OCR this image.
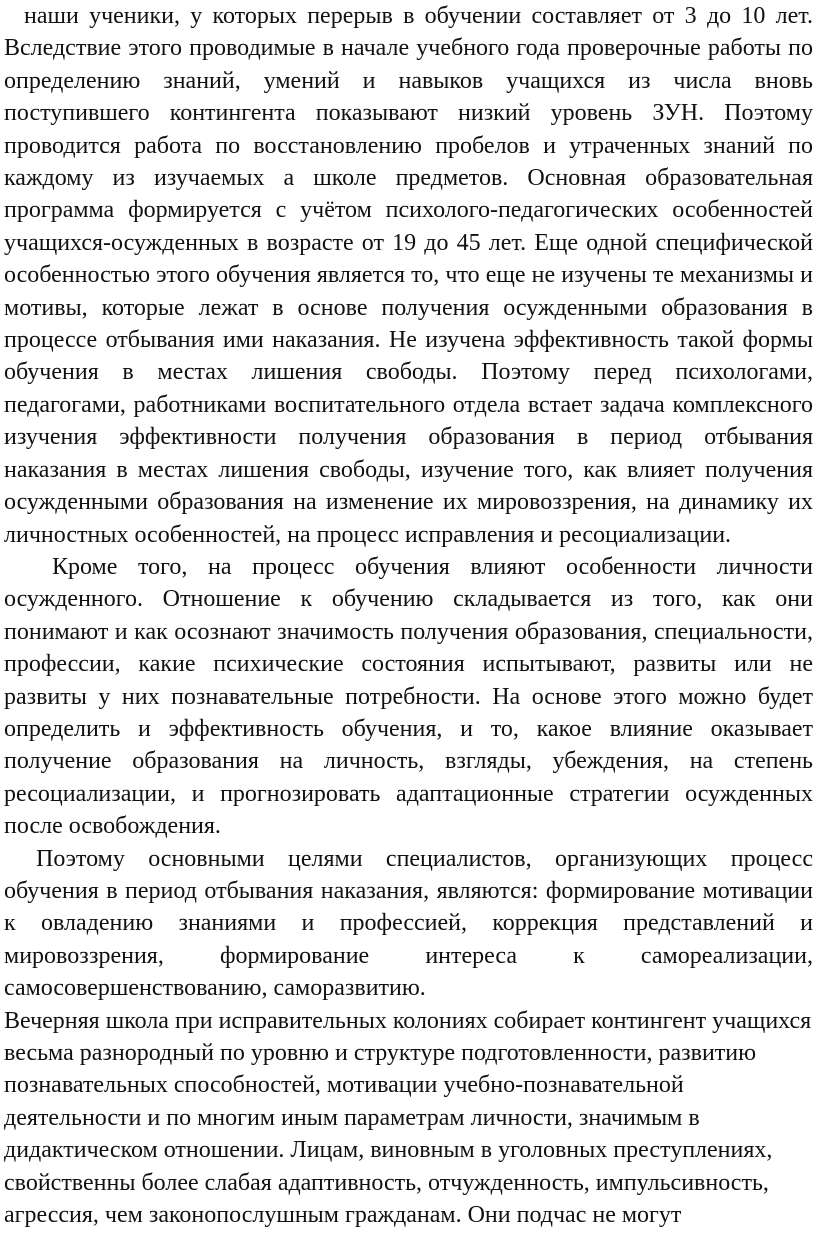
наши ученики, у которых перерыв в обучении составляет от 3 до 10 лет. Вследствие этого проводимые в начале учебного года проверочные работы по определению знаний, умений и навыков учащихся из числа вновь поступившего контингента показывают низкий уровень ЗУН. Поэтому проводится работа по восстановлению пробелов и утраченных знаний по каждому из изучаемых а школе предметов. Основная образовательная программа формируется с учётом психолого-педагогических особенностей учащихся-осужденных в возрасте от 19 до 45 лет. Еще одной специфической особенностью этого обучения является то, что еще не изучены те механизмы и мотивы, которые лежат в основе получения осужденными образования в процессе отбывания ими наказания. Не изучена эффективность такой формы обучения в местах лишения свободы. Поэтому перед психологами, педагогами, работниками воспитательного отдела встает задача комплексного изучения эффективности получения образования в период отбывания наказания в местах лишения свободы, изучение того, как влияет получения осужденными образования на изменение их мировоззрения, на динамику их личностных особенностей, на процесс исправления и ресоциализации.

Кроме того, на процесс обучения влияют особенности личности осужденного. Отношение к обучению складывается из того, как они понимают и как осознают значимость получения образования, специальности, профессии, какие психические состояния испытывают, развиты или не развиты у них познавательные потребности. На основе этого можно будет определить и эффективность обучения, и то, какое влияние оказывает получение образования на личность, взгляды, убеждения, на степень ресоциализации, и прогнозировать адаптационные стратегии осужденных после освобождения.

Поэтому основными целями специалистов, организующих процесс обучения в период отбывания наказания, являются: формирование мотивации к овладению знаниями и профессией, коррекция представлений и мировоззрения, формирование интереса к самореализации, самосовершенствованию, саморазвитию.

Вечерняя школа при исправительных колониях собирает контингент учащихся весьма разнородный по уровню и структуре подготовленности, развитию познавательных способностей, мотивации учебно-познавательной деятельности и по многим иным параметрам личности, значимым в дидактическом отношении. Лицам, виновным в уголовных преступлениях, свойственны более слабая адаптивность, отчужденность, импульсивность, агрессия, чем законопослушным гражданам. Они подчас не могут
